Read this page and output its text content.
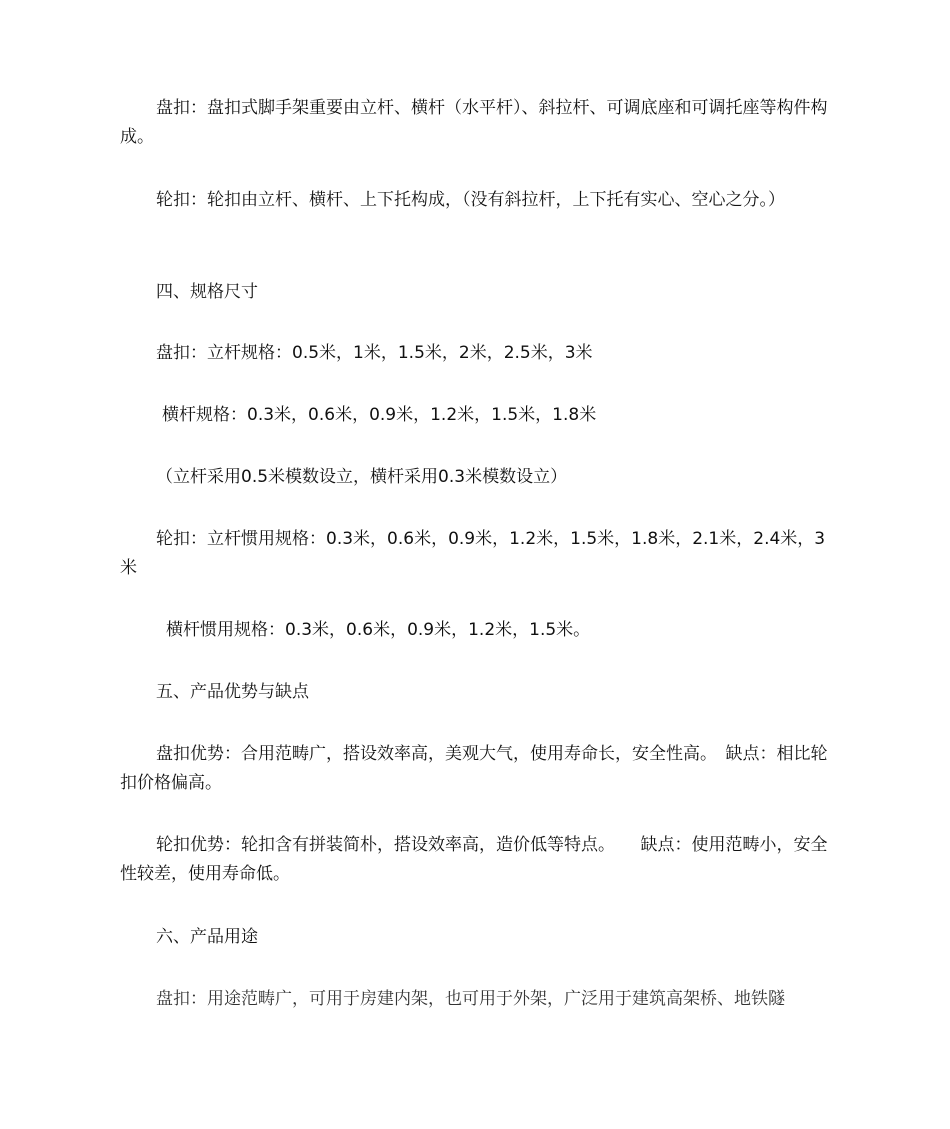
盘扣：盘扣式脚手架重要由立杆、横杆（水平杆）、斜拉杆、可调底座和可调托座等构件构成。

轮扣：轮扣由立杆、横杆、上下托构成，（没有斜拉杆，上下托有实心、空心之分。）

四、规格尺寸

盘扣：立杆规格：0.5米，1米，1.5米，2米，2.5米，3米

横杆规格：0.3米，0.6米，0.9米，1.2米，1.5米，1.8米

（立杆采用0.5米模数设立，横杆采用0.3米模数设立）

轮扣：立杆惯用规格：0.3米，0.6米，0.9米，1.2米，1.5米，1.8米，2.1米，2.4米，3米

横杆惯用规格：0.3米，0.6米，0.9米，1.2米，1.5米。

五、产品优势与缺点

盘扣优势：合用范畴广，搭设效率高，美观大气，使用寿命长，安全性高。　缺点：相比轮扣价格偏高。

轮扣优势：轮扣含有拼装简朴，搭设效率高，造价低等特点。　　缺点：使用范畴小，安全性较差，使用寿命低。

六、产品用途

盘扣：用途范畴广，可用于房建内架，也可用于外架，广泛用于建筑高架桥、地铁隧
